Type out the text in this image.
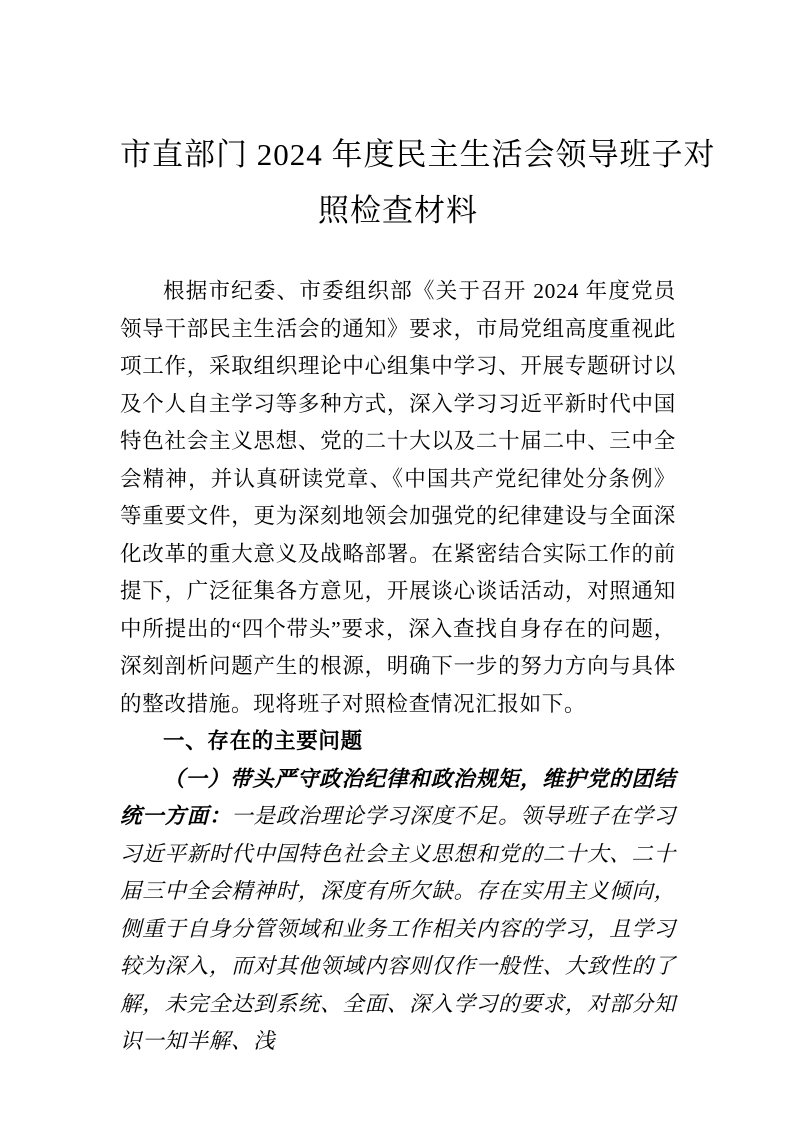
市直部门 2024 年度民主生活会领导班子对
照检查材料

根据市纪委、市委组织部《关于召开 2024 年度党员领导干部民主生活会的通知》要求，市局党组高度重视此项工作，采取组织理论中心组集中学习、开展专题研讨以及个人自主学习等多种方式，深入学习习近平新时代中国特色社会主义思想、党的二十大以及二十届二中、三中全会精神，并认真研读党章、《中国共产党纪律处分条例》等重要文件，更为深刻地领会加强党的纪律建设与全面深化改革的重大意义及战略部署。在紧密结合实际工作的前提下，广泛征集各方意见，开展谈心谈话活动，对照通知中所提出的“四个带头”要求，深入查找自身存在的问题，深刻剖析问题产生的根源，明确下一步的努力方向与具体的整改措施。现将班子对照检查情况汇报如下。

一、存在的主要问题

（一）带头严守政治纪律和政治规矩，维护党的团结统一方面：一是政治理论学习深度不足。领导班子在学习习近平新时代中国特色社会主义思想和党的二十大、二十届三中全会精神时，深度有所欠缺。存在实用主义倾向，侧重于自身分管领域和业务工作相关内容的学习，且学习较为深入，而对其他领域内容则仅作一般性、大致性的了解，未完全达到系统、全面、深入学习的要求，对部分知识一知半解、浅
